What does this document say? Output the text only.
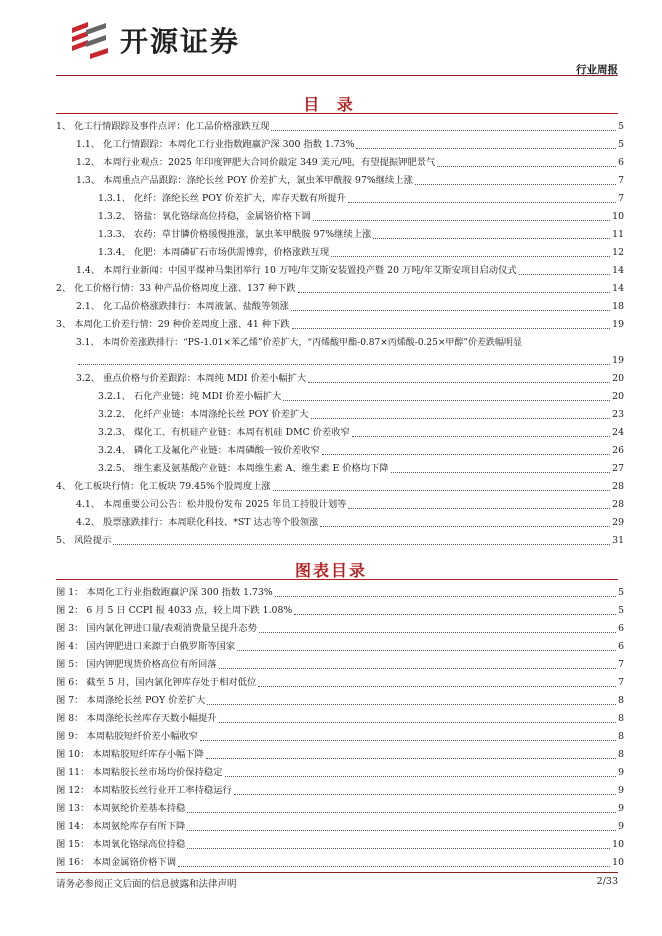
开源证券
行业周报
目 录
1、 化工行情跟踪及事件点评：化工品价格涨跌互现	5
1.1、 化工行情跟踪：本周化工行业指数跑赢沪深 300 指数 1.73%	5
1.2、 本周行业观点：2025 年印度钾肥大合同价敲定 349 美元/吨，有望提振钾肥景气	6
1.3、 本周重点产品跟踪：涤纶长丝 POY 价差扩大，氯虫苯甲酰胺 97%继续上涨	7
1.3.1、 化纤：涤纶长丝 POY 价差扩大，库存天数有所提升	7
1.3.2、 铬盐：氧化铬绿高位持稳，金属铬价格下调	10
1.3.3、 农药：草甘膦价格缓慢推涨，氯虫苯甲酰胺 97%继续上涨	11
1.3.4、 化肥：本周磷矿石市场供需博弈，价格涨跌互现	12
1.4、 本周行业新闻：中国平煤神马集团举行 10 万吨/年艾斯安装置投产暨 20 万吨/年艾斯安项目启动仪式	14
2、 化工价格行情：33 种产品价格周度上涨、137 种下跌	14
2.1、 化工品价格涨跌排行：本周液氯、盐酸等领涨	18
3、 本周化工价差行情：29 种价差周度上涨、41 种下跌	19
3.1、 本周价差涨跌排行：“PS-1.01×苯乙烯”价差扩大，“丙烯酸甲酯-0.87×丙烯酸-0.25×甲醇”价差跌幅明显
19
3.2、 重点价格与价差跟踪：本周纯 MDI 价差小幅扩大	20
3.2.1、 石化产业链：纯 MDI 价差小幅扩大	20
3.2.2、 化纤产业链：本周涤纶长丝 POY 价差扩大	23
3.2.3、 煤化工、有机硅产业链：本周有机硅 DMC 价差收窄	24
3.2.4、 磷化工及氟化产业链：本周磷酸一铵价差收窄	26
3.2.5、 维生素及氨基酸产业链：本周维生素 A、维生素 E 价格均下降	27
4、 化工板块行情：化工板块 79.45%个股周度上涨	28
4.1、 本周重要公司公告：松井股份发布 2025 年员工持股计划等	28
4.2、 股票涨跌排行：本周联化科技、*ST 达志等个股领涨	29
5、 风险提示	31
图表目录
图 1： 本周化工行业指数跑赢沪深 300 指数 1.73%	5
图 2： 6 月 5 日 CCPI 报 4033 点，较上周下跌 1.08%	5
图 3： 国内氯化钾进口量/表观消费量呈提升态势	6
图 4： 国内钾肥进口来源于白俄罗斯等国家	6
图 5： 国内钾肥现货价格高位有所回落	7
图 6： 截至 5 月，国内氯化钾库存处于相对低位	7
图 7： 本周涤纶长丝 POY 价差扩大	8
图 8： 本周涤纶长丝库存天数小幅提升	8
图 9： 本周粘胶短纤价差小幅收窄	8
图 10： 本周粘胶短纤库存小幅下降	8
图 11： 本周粘胶长丝市场均价保持稳定	9
图 12： 本周粘胶长丝行业开工率持稳运行	9
图 13： 本周氨纶价差基本持稳	9
图 14： 本周氨纶库存有所下降	9
图 15： 本周氧化铬绿高位持稳	10
图 16： 本周金属铬价格下调	10
请务必参阅正文后面的信息披露和法律声明	2/33
